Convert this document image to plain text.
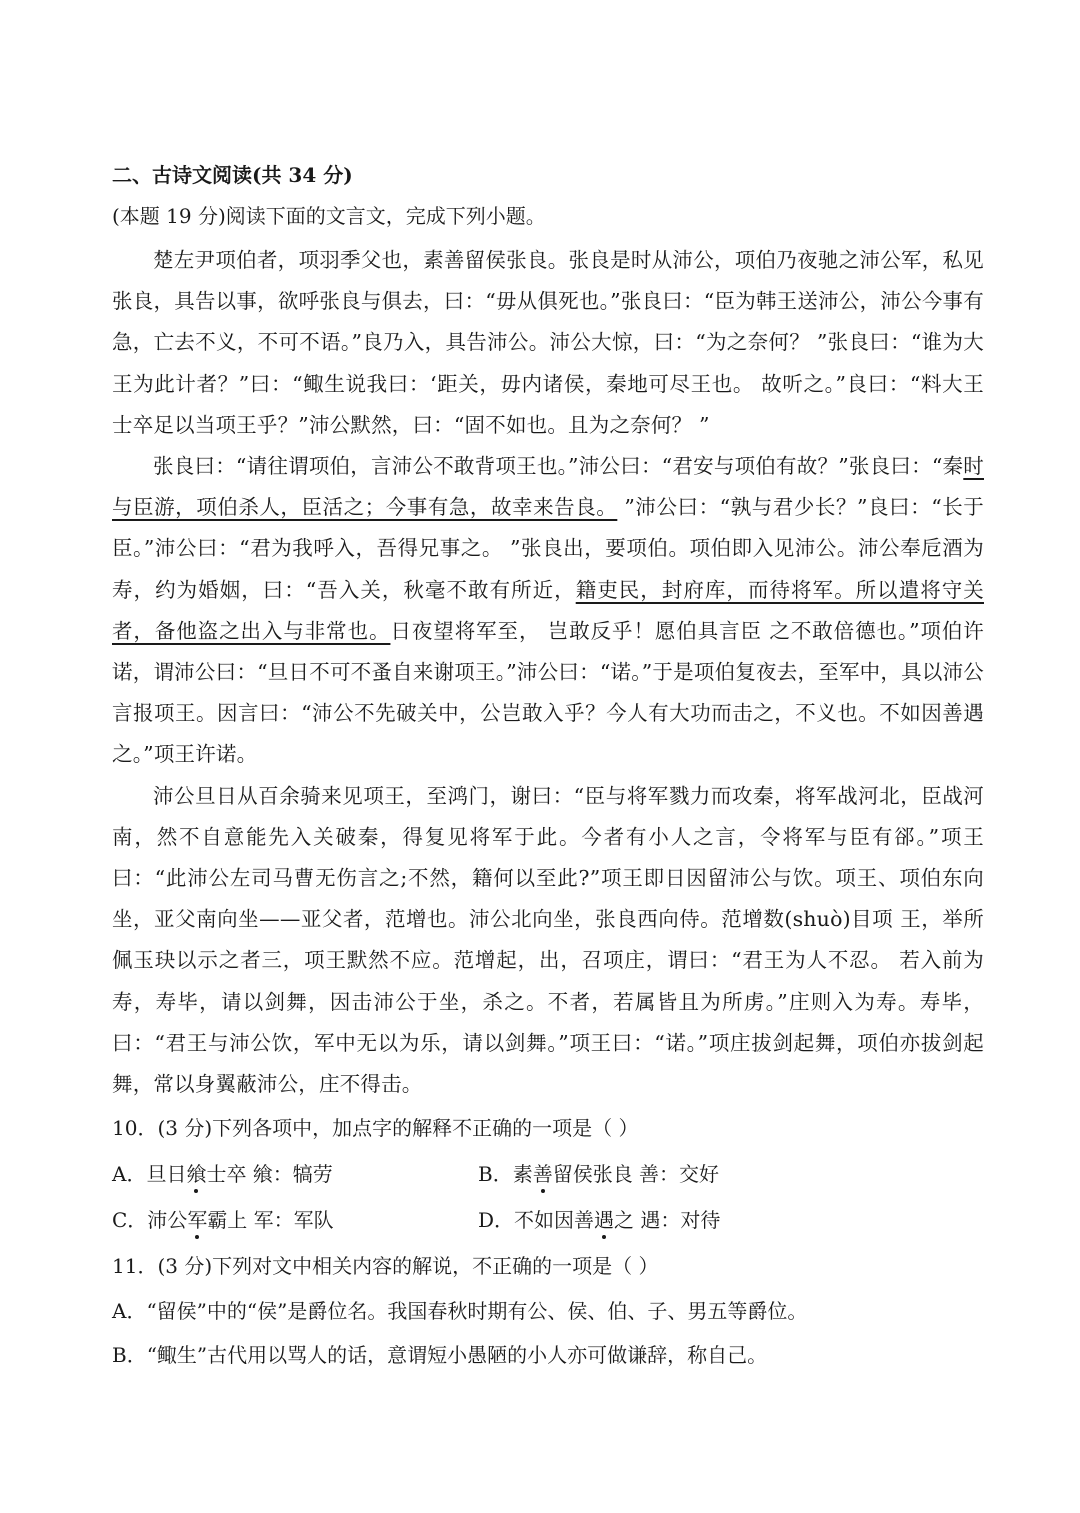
二、古诗文阅读(共 34 分)
(本题 19 分)阅读下面的文言文，完成下列小题。

楚左尹项伯者，项羽季父也，素善留侯张良。张良是时从沛公，项伯乃夜驰之沛公军，私见张良，具告以事，欲呼张良与俱去，曰：“毋从俱死也。”张良曰：“臣为韩王送沛公，沛公今事有急，亡去不义，不可不语。”良乃入，具告沛公。沛公大惊，曰：“为之奈何？ ”张良曰：“谁为大王为此计者？”曰：“鲰生说我曰：‘距关，毋内诸侯，秦地可尽王也。 故听之。”良曰：“料大王士卒足以当项王乎？”沛公默然，曰：“固不如也。且为之奈何？ ”

张良曰：“请往谓项伯，言沛公不敢背项王也。”沛公曰：“君安与项伯有故？”张良曰：“秦时与臣游，项伯杀人，臣活之；今事有急，故幸来告良。 ”沛公曰：“孰与君少长？”良曰：“长于臣。”沛公曰：“君为我呼入，吾得兄事之。 ”张良出，要项伯。项伯即入见沛公。沛公奉卮酒为寿，约为婚姻，曰：“吾入关，秋毫不敢有所近，籍吏民，封府库，而待将军。所以遣将守关者，备他盗之出入与非常也。日夜望将军至， 岂敢反乎！愿伯具言臣 之不敢倍德也。”项伯许诺，谓沛公曰：“旦日不可不蚤自来谢项王。”沛公曰：“诺。”于是项伯复夜去，至军中，具以沛公言报项王。因言曰：“沛公不先破关中，公岂敢入乎？今人有大功而击之，不义也。不如因善遇之。”项王许诺。

沛公旦日从百余骑来见项王，至鸿门，谢曰：“臣与将军戮力而攻秦，将军战河北，臣战河南，然不自意能先入关破秦，得复见将军于此。今者有小人之言，令将军与臣有郤。”项王曰：“此沛公左司马曹无伤言之;不然，籍何以至此?”项王即日因留沛公与饮。项王、项伯东向坐，亚父南向坐——亚父者，范增也。沛公北向坐，张良西向侍。范增数(shuò)目项 王，举所佩玉玦以示之者三，项王默然不应。范增起，出，召项庄，谓曰：“君王为人不忍。 若入前为寿，寿毕，请以剑舞，因击沛公于坐，杀之。不者，若属皆且为所虏。”庄则入为寿。寿毕，曰：“君王与沛公饮，军中无以为乐，请以剑舞。”项王曰：“诺。”项庄拔剑起舞，项伯亦拔剑起舞，常以身翼蔽沛公，庄不得击。

10．(3 分)下列各项中，加点字的解释不正确的一项是（ ）
A．旦日飨士卒 飨：犒劳	B．素善留侯张良 善：交好
C．沛公军霸上 军：军队	D．不如因善遇之 遇：对待
11．(3 分)下列对文中相关内容的解说，不正确的一项是（ ）
A．“留侯”中的“侯”是爵位名。我国春秋时期有公、侯、伯、子、男五等爵位。
B．“鲰生”古代用以骂人的话，意谓短小愚陋的小人亦可做谦辞，称自己。
